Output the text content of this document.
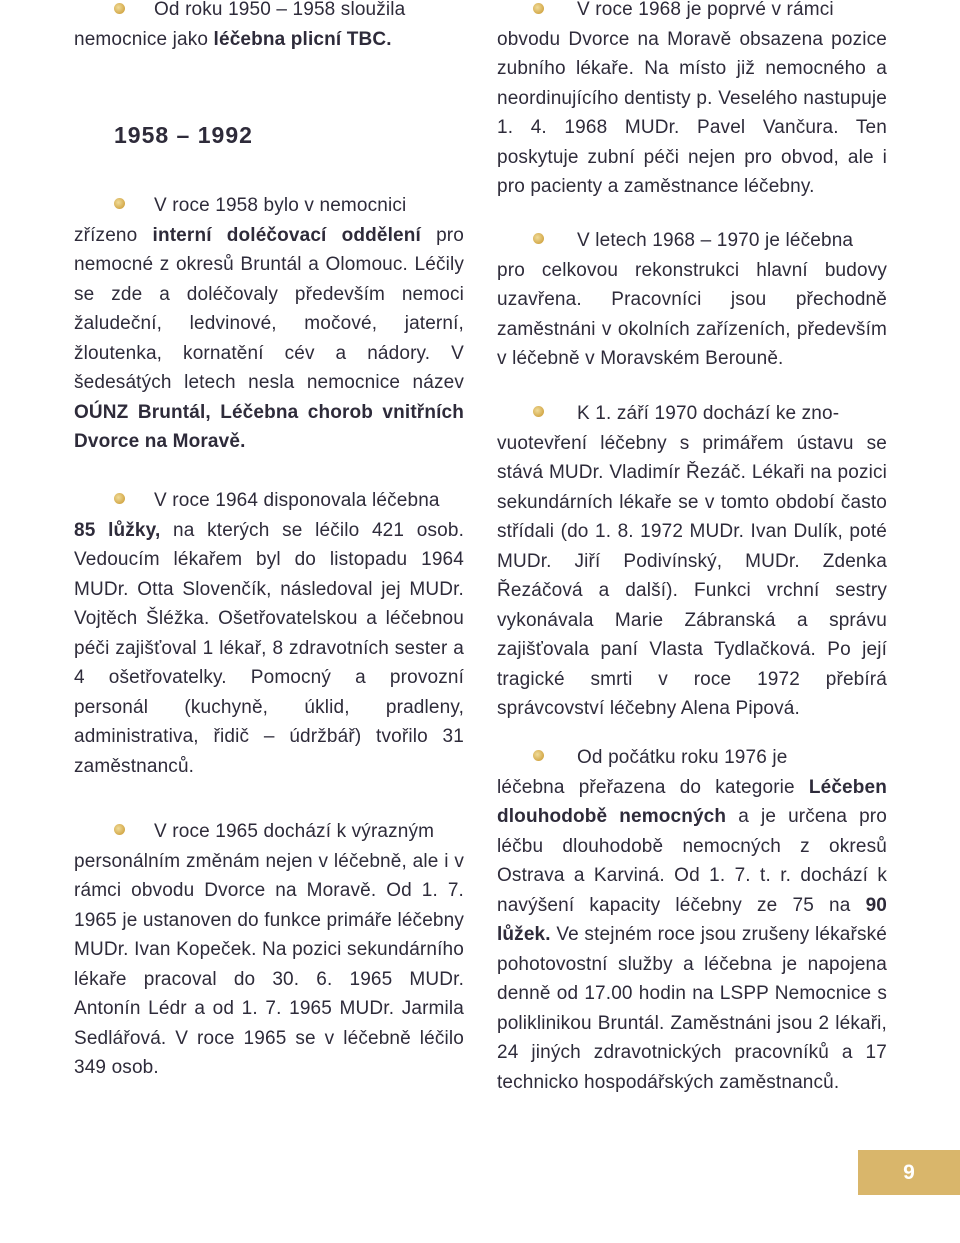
Od roku 1950 – 1958 sloužila
nemocnice jako léčebna plicní TBC.

V roce 1958 bylo v nemocnici
zřízeno interní doléčovací oddělení pro nemocné z okresů Bruntál a Olomouc. Léčily se zde a doléčovaly především nemoci žaludeční, ledvinové, močové, jaterní, žloutenka, kornatění cév a nádory. V šedesátých letech nesla nemocnice název OÚNZ Bruntál, Léčebna chorob vnitřních Dvorce na Moravě.

V roce 1964 disponovala léčebna
85 lůžky, na kterých se léčilo 421 osob. Vedoucím lékařem byl do listopadu 1964 MUDr. Otta Slovenčík, následoval jej MUDr. Vojtěch Šléžka. Ošetřovatelskou a léčebnou péči zajišťoval 1 lékař, 8 zdravotních sester a 4 ošetřovatelky. Pomocný a provozní personál (kuchyně, úklid, pradleny, administrativa, řidič – údržbář) tvořilo 31 zaměstnanců.

V roce 1965 dochází k výrazným
personálním změnám nejen v léčebně, ale i v rámci obvodu Dvorce na Moravě. Od 1. 7. 1965 je ustanoven do funkce primáře léčebny MUDr. Ivan Kopeček. Na pozici sekundárního lékaře pracoval do 30. 6. 1965 MUDr. Antonín Lédr a od 1. 7. 1965 MUDr. Jarmila Sedlářová. V roce 1965 se v léčebně léčilo 349 osob.

1958 – 1992

V roce 1968 je poprvé v rámci
obvodu Dvorce na Moravě obsazena pozice zubního lékaře. Na místo již nemocného a neordinujícího dentisty p. Veselého nastupuje 1. 4. 1968 MUDr. Pavel Vančura. Ten poskytuje zubní péči nejen pro obvod, ale i pro pacienty a zaměstnance léčebny.

V letech 1968 – 1970 je léčebna
pro celkovou rekonstrukci hlavní budovy uzavřena. Pracovníci jsou přechodně zaměstnáni v okolních zařízeních, především v léčebně v Moravském Berouně.

K 1. září 1970 dochází ke zno-
vuotevření léčebny s primářem ústavu se stává MUDr. Vladimír Řezáč. Lékaři na pozici sekundárních lékaře se v tomto období často střídali (do 1. 8. 1972 MUDr. Ivan Dulík, poté MUDr. Jiří Podivínský, MUDr. Zdenka Řezáčová a další). Funkci vrchní sestry vykonávala Marie Zábranská a správu zajišťovala paní Vlasta Tydlačková. Po její tragické smrti v roce 1972 přebírá správcovství léčebny Alena Pipová.

Od počátku roku 1976 je
léčebna přeřazena do kategorie Léčeben dlouhodobě nemocných a je určena pro léčbu dlouhodobě nemocných z okresů Ostrava a Karviná. Od 1. 7. t. r. dochází k navýšení kapacity léčebny ze 75 na 90 lůžek. Ve stejném roce jsou zrušeny lékařské pohotovostní služby a léčebna je napojena denně od 17.00 hodin na LSPP Nemocnice s poliklinikou Bruntál. Zaměstnáni jsou 2 lékaři, 24 jiných zdravotnických pracovníků a 17 technicko hospodářských zaměstnanců.

9
